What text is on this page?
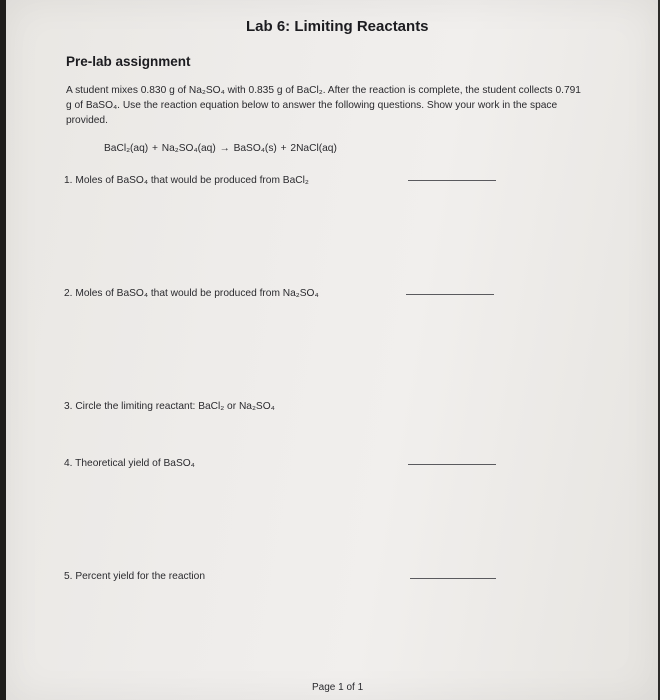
Lab 6: Limiting Reactants
Pre-lab assignment
A student mixes 0.830 g of Na₂SO₄ with 0.835 g of BaCl₂. After the reaction is complete, the student collects 0.791 g of BaSO₄. Use the reaction equation below to answer the following questions. Show your work in the space provided.
BaCl₂(aq) + Na₂SO₄(aq) → BaSO₄(s) + 2NaCl(aq)
1. Moles of BaSO₄ that would be produced from BaCl₂
2. Moles of BaSO₄ that would be produced from Na₂SO₄
3. Circle the limiting reactant: BaCl₂ or Na₂SO₄
4. Theoretical yield of BaSO₄
5. Percent yield for the reaction
Page 1 of 1
